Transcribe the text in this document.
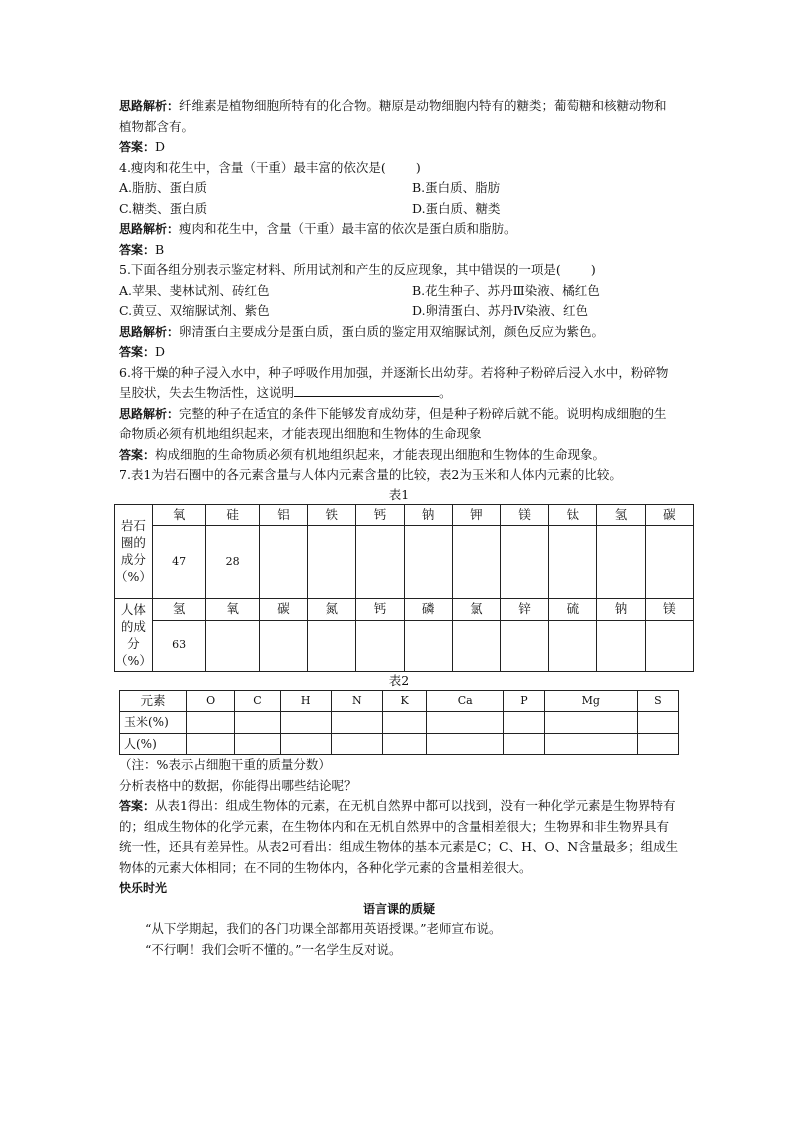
思路解析：纤维素是植物细胞所特有的化合物。糖原是动物细胞内特有的糖类；葡萄糖和核糖动物和植物都含有。
答案：D
4.瘦肉和花生中，含量（干重）最丰富的依次是( )
A.脂肪、蛋白质	B.蛋白质、脂肪
C.糖类、蛋白质	D.蛋白质、糖类
思路解析：瘦肉和花生中，含量（干重）最丰富的依次是蛋白质和脂肪。
答案：B
5.下面各组分别表示鉴定材料、所用试剂和产生的反应现象，其中错误的一项是( )
A.苹果、斐林试剂、砖红色	B.花生种子、苏丹Ⅲ染液、橘红色
C.黄豆、双缩脲试剂、紫色	D.卵清蛋白、苏丹Ⅳ染液、红色
思路解析：卵清蛋白主要成分是蛋白质，蛋白质的鉴定用双缩脲试剂，颜色反应为紫色。
答案：D
6.将干燥的种子浸入水中，种子呼吸作用加强，并逐渐长出幼芽。若将种子粉碎后浸入水中，粉碎物呈胶状，失去生物活性，这说明	。
思路解析：完整的种子在适宜的条件下能够发育成幼芽，但是种子粉碎后就不能。说明构成细胞的生命物质必须有机地组织起来，才能表现出细胞和生物体的生命现象
答案：构成细胞的生命物质必须有机地组织起来，才能表现出细胞和生物体的生命现象。
7.表1为岩石圈中的各元素含量与人体内元素含量的比较，表2为玉米和人体内元素的比较。
表1
岩石圈的成分（%）	氧	硅	铝	铁	钙	钠	钾	镁	钛	氢	碳
	47	28									
人体的成分（%）	氢	氧	碳	氮	钙	磷	氯	锌	硫	钠	镁
	63										
表2
元素	O	C	H	N	K	Ca	P	Mg	S
玉米(%)									
人(%)									
（注：%表示占细胞干重的质量分数）
分析表格中的数据，你能得出哪些结论呢？
答案：从表1得出：组成生物体的元素，在无机自然界中都可以找到，没有一种化学元素是生物界特有的；组成生物体的化学元素，在生物体内和在无机自然界中的含量相差很大；生物界和非生物界具有统一性，还具有差异性。从表2可看出：组成生物体的基本元素是C；C、H、O、N含量最多；组成生物体的元素大体相同；在不同的生物体内，各种化学元素的含量相差很大。
快乐时光
语言课的质疑
“从下学期起，我们的各门功课全部都用英语授课。”老师宣布说。
“不行啊！我们会听不懂的。”一名学生反对说。
